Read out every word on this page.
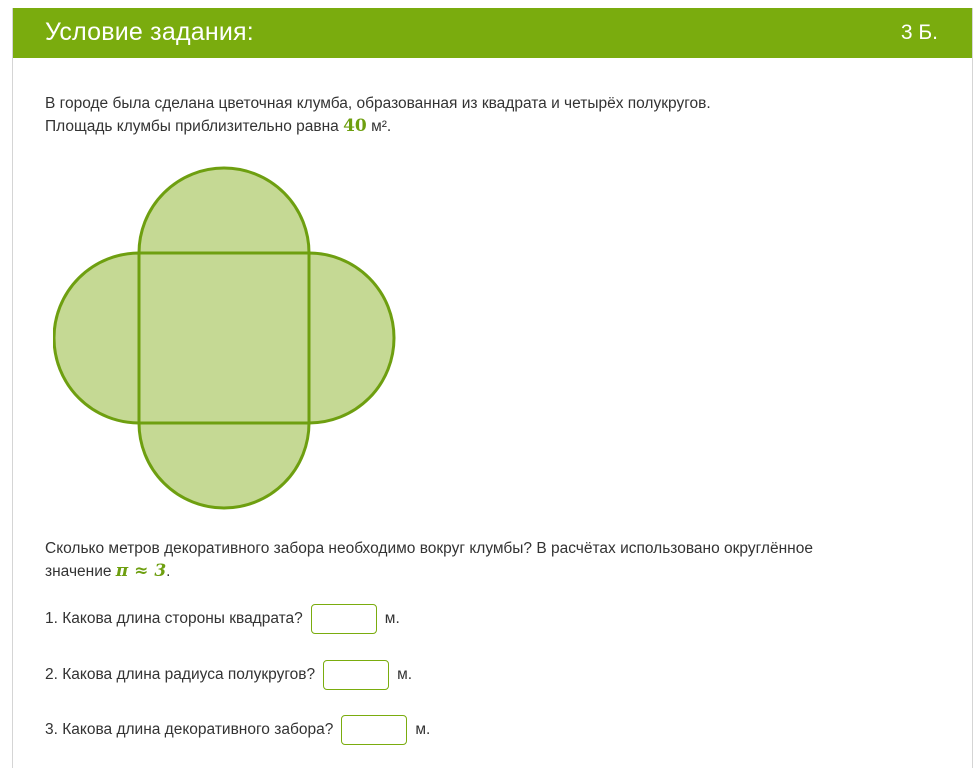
Условие задания:	3 Б.
В городе была сделана цветочная клумба, образованная из квадрата и четырёх полукругов.
Площадь клумбы приблизительно равна 40 м².
Сколько метров декоративного забора необходимо вокруг клумбы? В расчётах использовано округлённое
значение π ≈ 3.
1. Какова длина стороны квадрата?	м.
2. Какова длина радиуса полукругов?	м.
3. Какова длина декоративного забора?	м.
